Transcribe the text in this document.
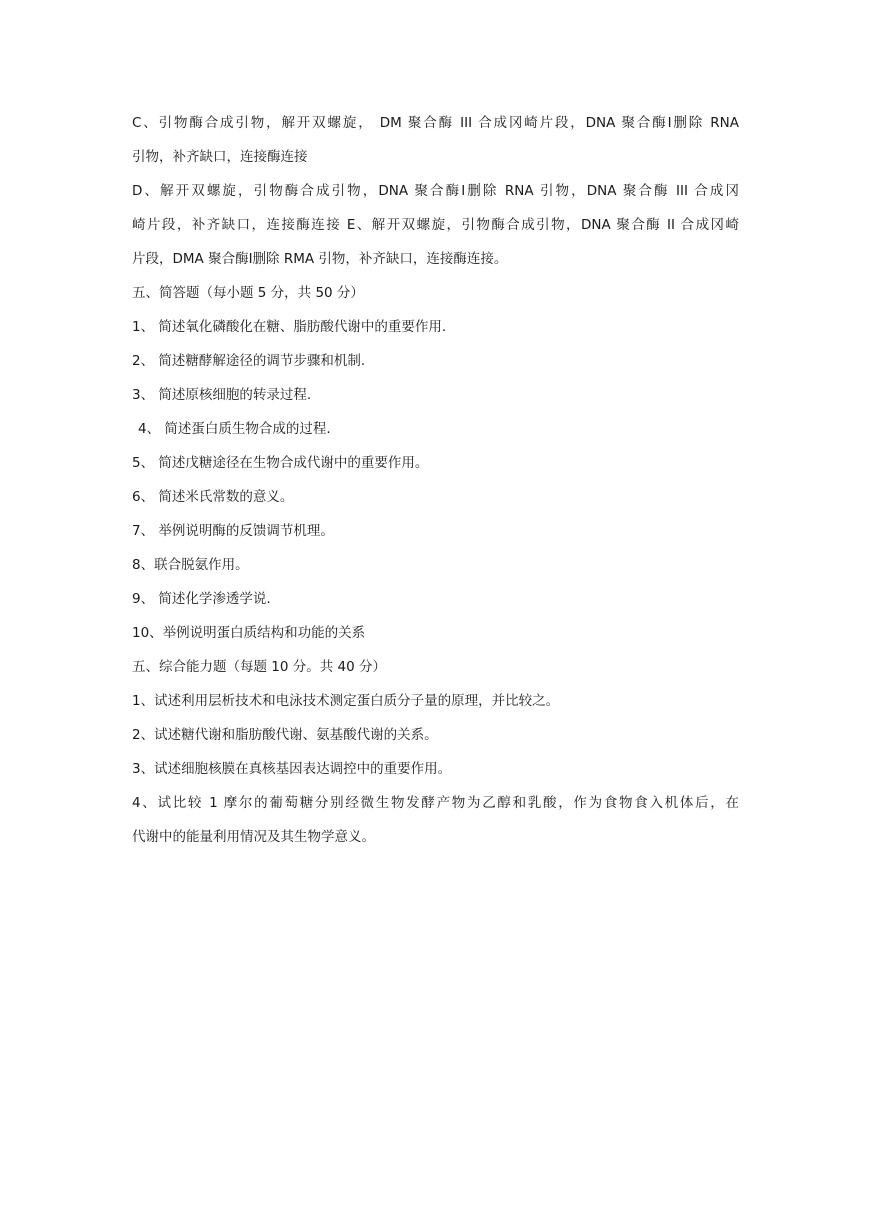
C、引物酶合成引物，解开双螺旋， DM 聚合酶 III 合成冈崎片段，DNA 聚合酶Ⅰ删除 RNA
引物，补齐缺口，连接酶连接
D、解开双螺旋，引物酶合成引物，DNA 聚合酶Ⅰ删除 RNA 引物，DNA 聚合酶 III 合成冈
崎片段，补齐缺口，连接酶连接 E、解开双螺旋，引物酶合成引物，DNA 聚合酶 II 合成冈崎
片段，DMA 聚合酶Ⅰ删除 RMA 引物，补齐缺口，连接酶连接。
五、简答题（每小题 5 分，共 50 分）
1、 简述氧化磷酸化在糖、脂肪酸代谢中的重要作用.
2、 简述糖酵解途径的调节步骤和机制.
3、 简述原核细胞的转录过程.
4、 简述蛋白质生物合成的过程.
5、 简述戊糖途径在生物合成代谢中的重要作用。
6、 简述米氏常数的意义。
7、 举例说明酶的反馈调节机理。
8、联合脱氨作用。
9、 简述化学渗透学说.
10、举例说明蛋白质结构和功能的关系
五、综合能力题（每题 10 分。共 40 分）
1、试述利用层析技术和电泳技术测定蛋白质分子量的原理，并比较之。
2、试述糖代谢和脂肪酸代谢、氨基酸代谢的关系。
3、试述细胞核膜在真核基因表达调控中的重要作用。
4、试比较 1 摩尔的葡萄糖分别经微生物发酵产物为乙醇和乳酸，作为食物食入机体后，在
代谢中的能量利用情况及其生物学意义。
